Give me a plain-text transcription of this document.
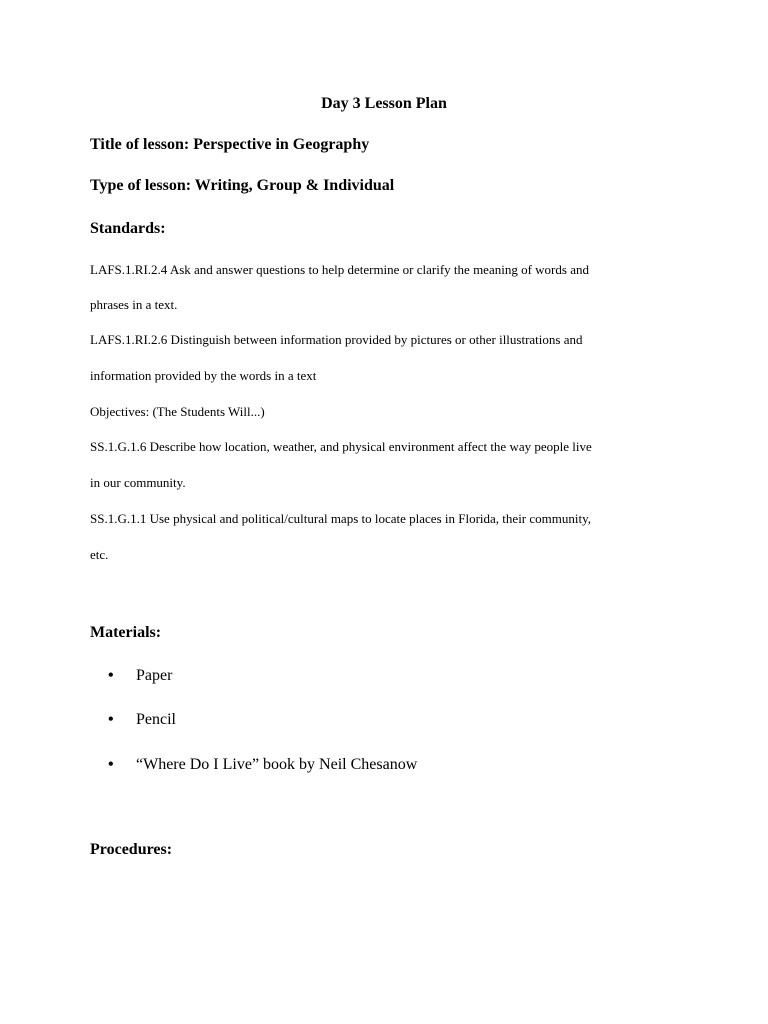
Day 3 Lesson Plan
Title of lesson: Perspective in Geography
Type of lesson: Writing, Group & Individual
Standards:
LAFS.1.RI.2.4 Ask and answer questions to help determine or clarify the meaning of words and
phrases in a text.
LAFS.1.RI.2.6 Distinguish between information provided by pictures or other illustrations and
information provided by the words in a text
Objectives: (The Students Will...)
SS.1.G.1.6 Describe how location, weather, and physical environment affect the way people live
in our community.
SS.1.G.1.1 Use physical and political/cultural maps to locate places in Florida, their community,
etc.
Materials:
• Paper
• Pencil
• “Where Do I Live” book by Neil Chesanow
Procedures:
